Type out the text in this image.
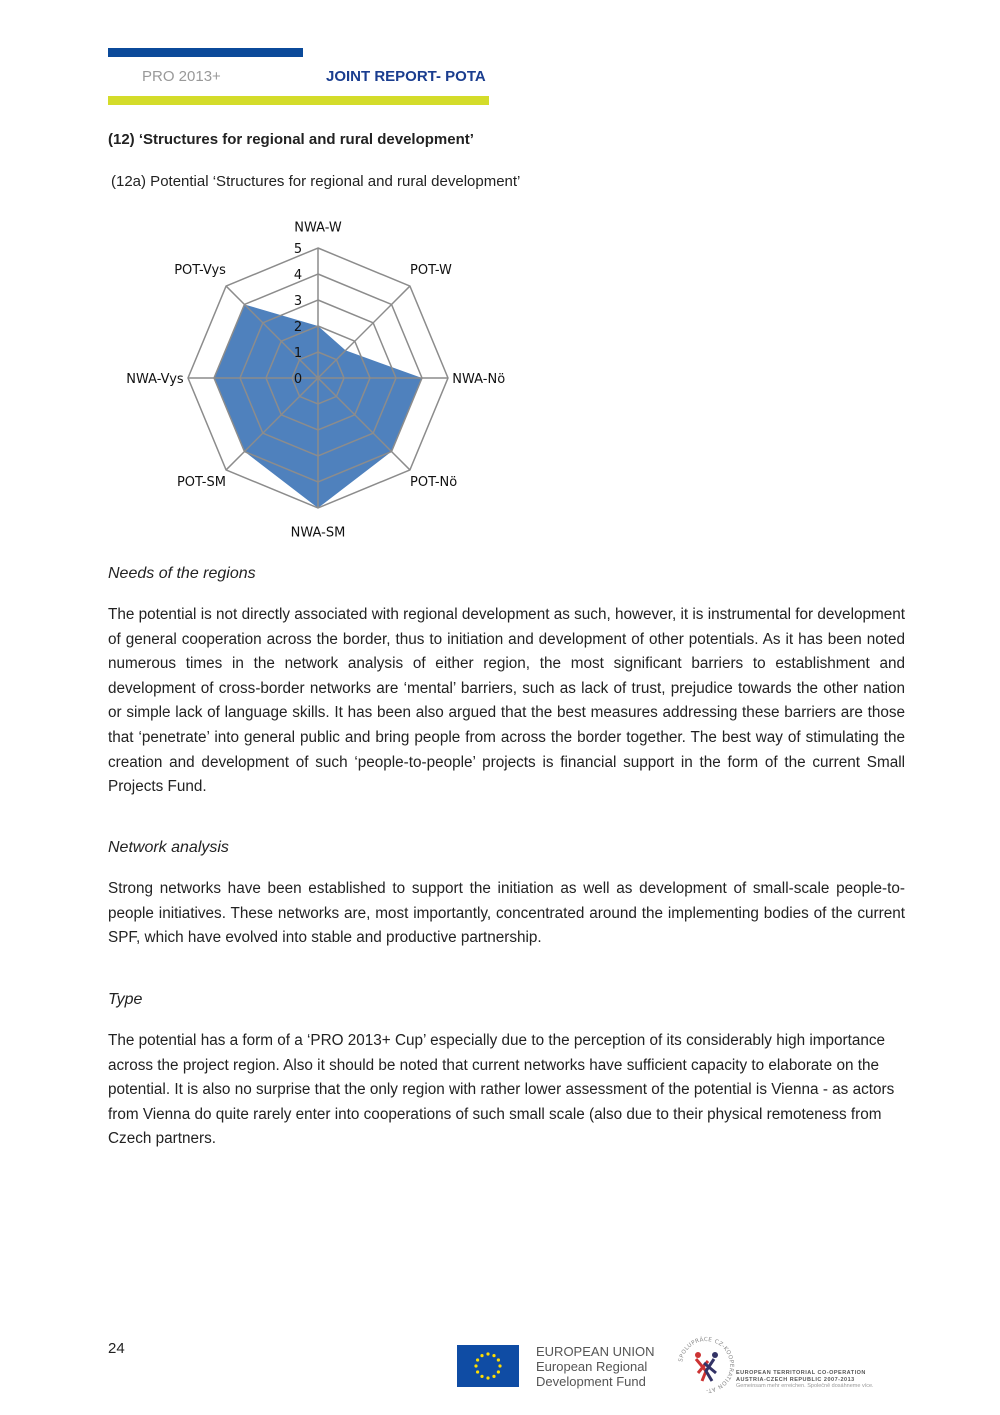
PRO 2013+	JOINT REPORT- POTA
(12) ‘Structures for regional and rural development’
(12a) Potential ‘Structures for regional and rural development’
NWA-W
POT-W
NWA-Nö
POT-Nö
NWA-SM
POT-SM
NWA-Vys
POT-Vys
0
1
2
3
4
5
Needs of the regions
The potential is not directly associated with regional development as such, however, it is instrumental for development of general cooperation across the border, thus to initiation and development of other potentials. As it has been noted numerous times in the network analysis of either region, the most significant barriers to establishment and development of cross-border networks are ‘mental’ barriers, such as lack of trust, prejudice towards the other nation or simple lack of language skills. It has been also argued that the best measures addressing these barriers are those that ‘penetrate’ into general public and bring people from across the border together. The best way of stimulating the creation and development of such ‘people-to-people’ projects is financial support in the form of the current Small Projects Fund.
Network analysis
Strong networks have been established to support the initiation as well as development of small-scale people-to-people initiatives. These networks are, most importantly, concentrated around the implementing bodies of the current SPF, which have evolved into stable and productive partnership.
Type
The potential has a form of a ‘PRO 2013+ Cup’ especially due to the perception of its considerably high importance across the project region. Also it should be noted that current networks have sufficient capacity to elaborate on the potential. It is also no surprise that the only region with rather lower assessment of the potential is Vienna - as actors from Vienna do quite rarely enter into cooperations of such small scale (also due to their physical remoteness from Czech partners.
24	EUROPEAN UNION
European Regional
Development Fund
SPOLUPRÁCE CZ-KOOPERATION AT-
EUROPEAN TERRITORIAL CO-OPERATION
AUSTRIA-CZECH REPUBLIC 2007-2013
Gemeinsam mehr erreichen. Společně dosáhneme více.
